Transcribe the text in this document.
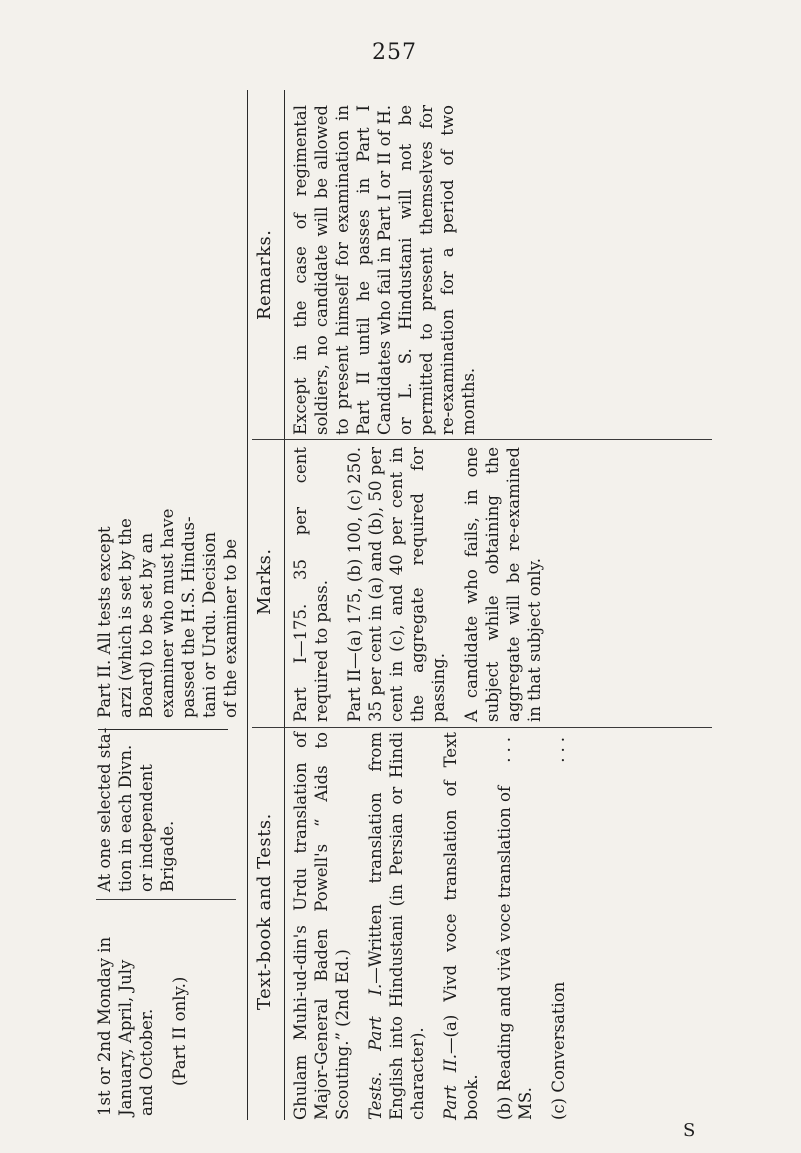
257
1st or 2nd Monday in January, April, July and October. (Part II only.)
At one selected sta- tion in each Divn. or independent Brigade.
Part II. All tests except arzi (which is set by the Board) to be set by an examiner who must have passed the H.S. Hindus- tani or Urdu. Decision of the examiner to be
Text-book and Tests.
Marks.
Remarks.

Ghulam Muhi-ud-din's Urdu translation of Major-General Baden Powell's “ Aids to Scouting.” (2nd Ed.) Tests. Part I.—Written translation from English into Hindustani (in Persian or Hindi character). Part II.—(a) Vivd voce translation of Text book. (b) Reading and vivâ voce translation of MS.
...

(c) Conversation
...

Part I—175. 35 per cent required to pass. Part II—(a) 175, (b) 100, (c) 250. 35 per cent in (a) and (b), 50 per cent in (c), and 40 per cent in the aggregate required for passing. A candidate who fails, in one subject while obtaining the aggregate will be re-examined in that subject only.

Except in the case of regimental soldiers, no candidate will be allowed to present himself for examination in Part II until he passes in Part I Candidates who fail in Part I or II of H. or L. S. Hindustani will not be permitted to present themselves for re-examination for a period of two months.

S
